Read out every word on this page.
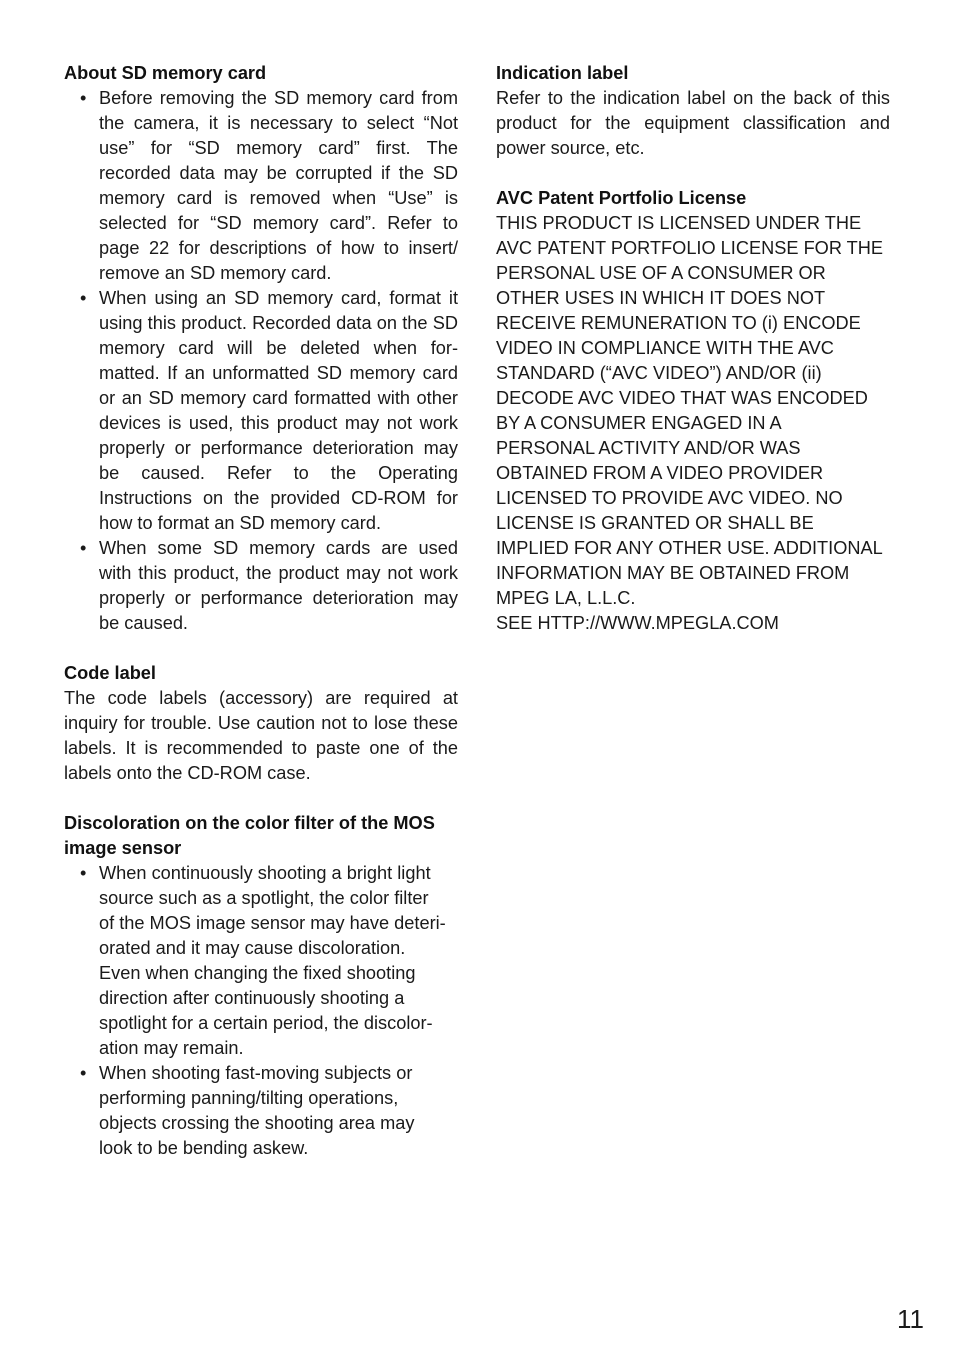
About SD memory card
• Before removing the SD memory card from the camera, it is necessary to select “Not use” for “SD memory card” first. The recorded data may be corrupted if the SD memory card is removed when “Use” is selected for “SD memory card”. Refer to page 22 for descriptions of how to insert/ remove an SD memory card.
• When using an SD memory card, format it using this product. Recorded data on the SD memory card will be deleted when for-matted. If an unformatted SD memory card or an SD memory card formatted with other devices is used, this product may not work properly or performance deterioration may be caused. Refer to the Operating Instructions on the provided CD-ROM for how to format an SD memory card.
• When some SD memory cards are used with this product, the product may not work properly or performance deterioration may be caused.
Code label

The code labels (accessory) are required at inquiry for trouble. Use caution not to lose these labels. It is recommended to paste one of the labels onto the CD-ROM case.

Discoloration on the color filter of the MOS image sensor
• When continuously shooting a bright light
source such as a spotlight, the color filter
of the MOS image sensor may have deteri-
orated and it may cause discoloration.
Even when changing the fixed shooting
direction after continuously shooting a
spotlight for a certain period, the discolor-
ation may remain.
• When shooting fast-moving subjects or
performing panning/tilting operations,
objects crossing the shooting area may
look to be bending askew.
Indication label

Refer to the indication label on the back of this product for the equipment classification and power source, etc.

AVC Patent Portfolio License

THIS PRODUCT IS LICENSED UNDER THE
AVC PATENT PORTFOLIO LICENSE FOR THE
PERSONAL USE OF A CONSUMER OR
OTHER USES IN WHICH IT DOES NOT
RECEIVE REMUNERATION TO (i) ENCODE
VIDEO IN COMPLIANCE WITH THE AVC
STANDARD (“AVC VIDEO”) AND/OR (ii)
DECODE AVC VIDEO THAT WAS ENCODED
BY A CONSUMER ENGAGED IN A
PERSONAL ACTIVITY AND/OR WAS
OBTAINED FROM A VIDEO PROVIDER
LICENSED TO PROVIDE AVC VIDEO. NO
LICENSE IS GRANTED OR SHALL BE
IMPLIED FOR ANY OTHER USE. ADDITIONAL
INFORMATION MAY BE OBTAINED FROM
MPEG LA, L.L.C.
SEE HTTP://WWW.MPEGLA.COM

11
